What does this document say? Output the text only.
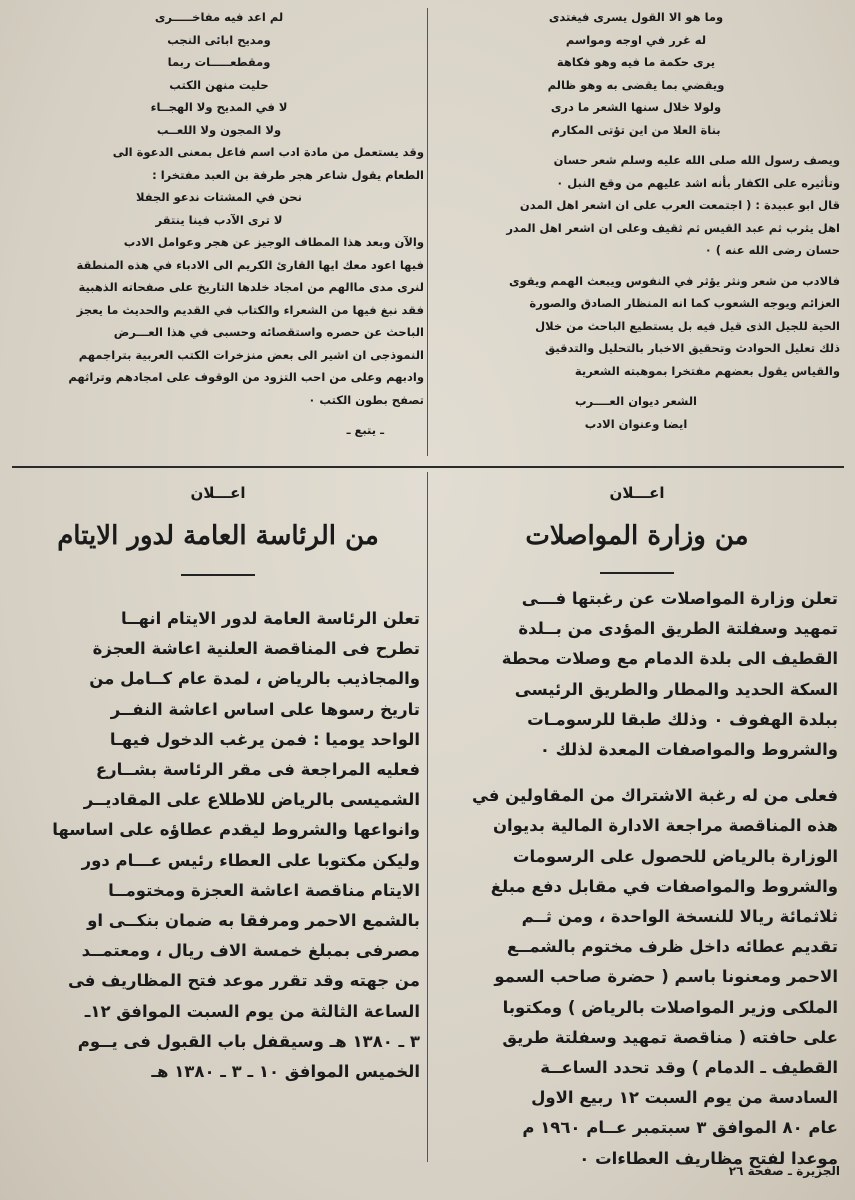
وما هو الا القول يسرى فيغتدى

له غرر في اوجه ومواسم

يرى حكمة ما فيه وهو فكاهة

ويقضي بما يقضى به وهو ظالم

ولولا خلال سنها الشعر ما درى

بناة العلا من اين تؤتى المكارم

ويصف رسول الله صلى الله عليه وسلم شعر حسان

وتأثيره على الكفار بأنه اشد عليهم من وقع النبل ٠

قال ابو عبيدة : ( اجتمعت العرب على ان اشعر اهل المدن

اهل يثرب ثم عبد القيس ثم ثقيف وعلى ان اشعر اهل المدر

حسان رضى الله عنه ) ٠

فالادب من شعر ونثر يؤثر في النفوس ويبعث الهمم ويقوى

العزائم ويوجه الشعوب كما انه المنظار الصادق والصورة

الحية للجيل الذى قيل فيه بل يستطيع الباحث من خلال

ذلك تعليل الحوادث وتحقيق الاخبار بالتحليل والتدقيق

والقياس يقول بعضهم مفتخرا بموهبته الشعرية

الشعر ديوان العــــرب

ايضا وعنوان الادب

لم اعد فيه مفاخـــــرى

ومديح ابائى النجب

ومقطعـــــات ربما

حليت منهن الكتب

لا في المديح ولا الهجــاء

ولا المجون ولا اللعــب

وقد يستعمل من مادة ادب اسم فاعل بمعنى الدعوة الى

الطعام يقول شاعر هجر طرفة بن العبد مفتخرا :

نحن في المشتات ندعو الجفلا

لا ترى الآدب فينا ينتقر

والآن وبعد هذا المطاف الوجيز عن هجر وعوامل الادب

فيها اعود معك ايها القارئ الكريم الى الادباء في هذه المنطقة

لنرى مدى ماالهم من امجاد خلدها التاريخ على صفحاته الذهبية

فقد نبغ فيها من الشعراء والكتاب في القديم والحديث ما يعجز

الباحث عن حصره واستقصائه وحسبى في هذا العـــرض

النموذجى ان اشير الى بعض منزخرات الكتب العربية بتراجمهم

وادبهم وعلى من احب التزود من الوقوف على امجادهم وتراثهم

تصفح بطون الكتب ٠

ـ يتبع ـ

اعـــلان

من وزارة المواصلات

تعلن وزارة المواصلات عن رغبتها فـــى

تمهيد وسفلتة الطريق المؤدى من بــلدة

القطيف الى بلدة الدمام مع وصلات محطة

السكة الحديد والمطار والطريق الرئيسى

ببلدة الهفوف ٠ وذلك طبقا للرسومـات

والشروط والمواصفات المعدة لذلك ٠

فعلى من له رغبة الاشتراك من المقاولين في

هذه المناقصة مراجعة الادارة المالية بديوان

الوزارة بالرياض للحصول على الرسومات

والشروط والمواصفات في مقابل دفع مبلغ

ثلاثمائة ريالا للنسخة الواحدة ، ومن ثــم

تقديم عطائه داخل ظرف مختوم بالشمــع

الاحمر ومعنونا باسم ( حضرة صاحب السمو

الملكى وزير المواصلات بالرياض ) ومكتوبا

على حافته ( مناقصة تمهيد وسفلتة طريق

القطيف ـ الدمام ) وقد تحدد الساعــة

السادسة من يوم السبت ١٢ ربيع الاول

عام ٨٠ الموافق ٣ سبتمبر عــام ١٩٦٠ م

موعدا لفتح مظاريف العطاءات ٠

اعـــلان

من الرئاسة العامة لدور الايتام

تعلن الرئاسة العامة لدور الايتام انهــا

تطرح فى المناقصة العلنية اعاشة العجزة

والمجاذيب بالرياض ، لمدة عام كــامل من

تاريخ رسوها على اساس اعاشة النفــر

الواحد يوميا : فمن يرغب الدخول فيهـا

فعليه المراجعة فى مقر الرئاسة بشــارع

الشميسى بالرياض للاطلاع على المقاديــر

وانواعها والشروط ليقدم عطاؤه على اساسها

وليكن مكتوبا على العطاء رئيس عـــام دور

الايتام مناقصة اعاشة العجزة ومختومــا

بالشمع الاحمر ومرفقا به ضمان بنكــى او

مصرفى بمبلغ خمسة الاف ريال ، ومعتمــد

من جهته وقد تقرر موعد فتح المظاريف فى

الساعة الثالثة من يوم السبت الموافق ١٢ـ

٣ ـ ١٣٨٠ هـ وسيقفل باب القبول فى يــوم

الخميس الموافق ١٠ ـ ٣ ـ ١٣٨٠ هـ

الجزيرة ـ صفحة ٢٦
